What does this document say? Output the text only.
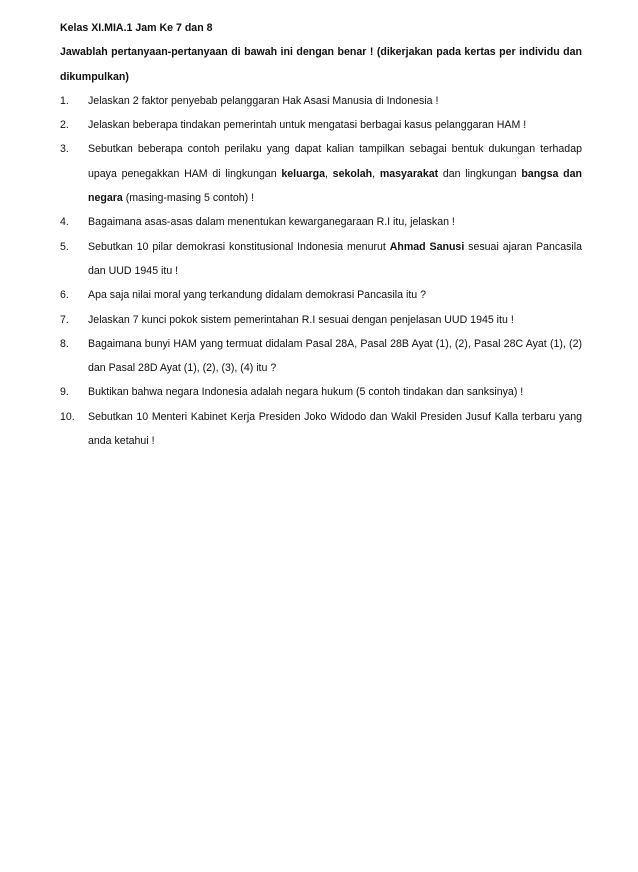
Kelas XI.MIA.1 Jam Ke 7 dan 8

Jawablah pertanyaan-pertanyaan di bawah ini dengan benar ! (dikerjakan pada kertas per individu dan dikumpulkan)

1.	Jelaskan 2 faktor penyebab pelanggaran Hak Asasi Manusia di Indonesia !
2.	Jelaskan beberapa tindakan pemerintah untuk mengatasi berbagai kasus pelanggaran HAM !
3.	Sebutkan beberapa contoh perilaku yang dapat kalian tampilkan sebagai bentuk dukungan terhadap upaya penegakkan HAM di lingkungan keluarga, sekolah, masyarakat dan lingkungan bangsa dan negara (masing-masing 5 contoh) !
4.	Bagaimana asas-asas dalam menentukan kewarganegaraan R.I itu, jelaskan !
5.	Sebutkan 10 pilar demokrasi konstitusional Indonesia menurut Ahmad Sanusi sesuai ajaran Pancasila dan UUD 1945 itu !
6.	Apa saja nilai moral yang terkandung didalam demokrasi Pancasila itu ?
7.	Jelaskan 7 kunci pokok sistem pemerintahan R.I sesuai dengan penjelasan UUD 1945 itu !
8.	Bagaimana bunyi HAM yang termuat didalam Pasal 28A, Pasal 28B Ayat (1), (2), Pasal 28C Ayat (1), (2) dan Pasal 28D Ayat (1), (2), (3), (4) itu ?
9.	Buktikan bahwa negara Indonesia adalah negara hukum (5 contoh tindakan dan sanksinya) !
10.	Sebutkan 10 Menteri Kabinet Kerja Presiden Joko Widodo dan Wakil Presiden Jusuf Kalla terbaru yang anda ketahui !
